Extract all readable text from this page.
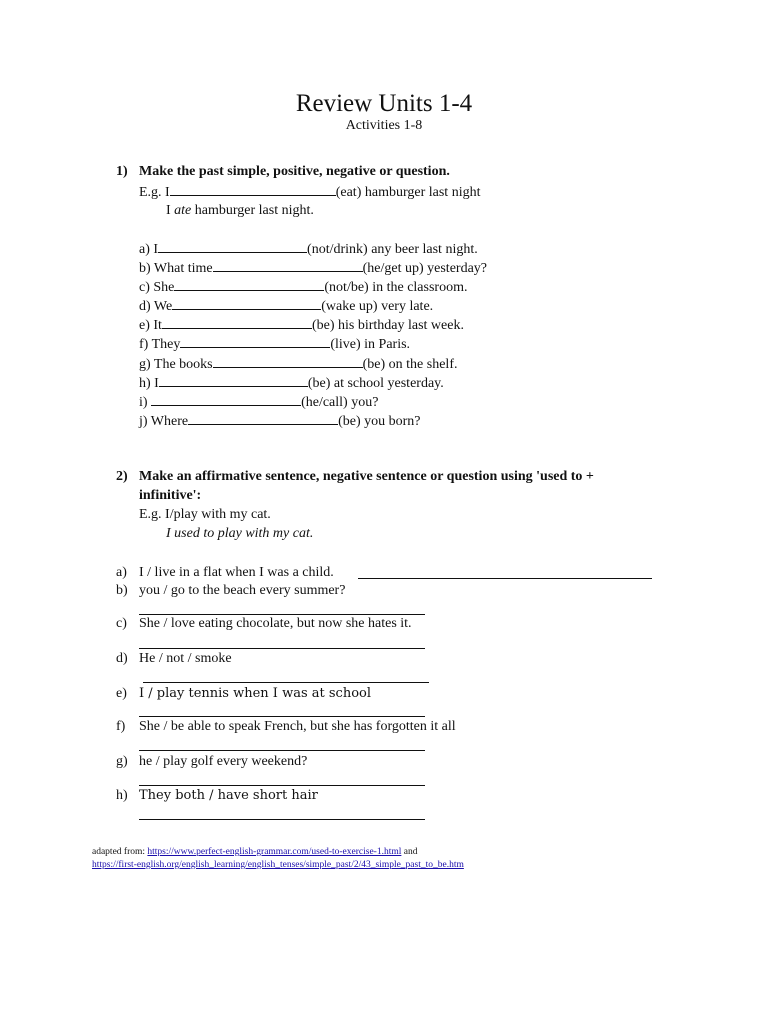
Review Units 1-4
Activities 1-8
1) Make the past simple, positive, negative or question.
E.g. I	(eat) hamburger last night
I ate hamburger last night.
a) I	(not/drink) any beer last night.
b) What time	(he/get up) yesterday?
c) She	(not/be) in the classroom.
d) We	(wake up) very late.
e) It	(be) his birthday last week.
f) They	(live) in Paris.
g) The books	(be) on the shelf.
h) I	(be) at school yesterday.
i)	(he/call) you?
j) Where	(be) you born?
2) Make an affirmative sentence, negative sentence or question using 'used to +
infinitive':
E.g. I/play with my cat.
I used to play with my cat.
a) I / live in a flat when I was a child.
b) you / go to the beach every summer?
c) She / love eating chocolate, but now she hates it.
d) He / not / smoke
e) I / play tennis when I was at school
f) She / be able to speak French, but she has forgotten it all
g) he / play golf every weekend?
h) They both / have short hair
adapted from: https://www.perfect-english-grammar.com/used-to-exercise-1.html and
https://first-english.org/english_learning/english_tenses/simple_past/2/43_simple_past_to_be.htm
